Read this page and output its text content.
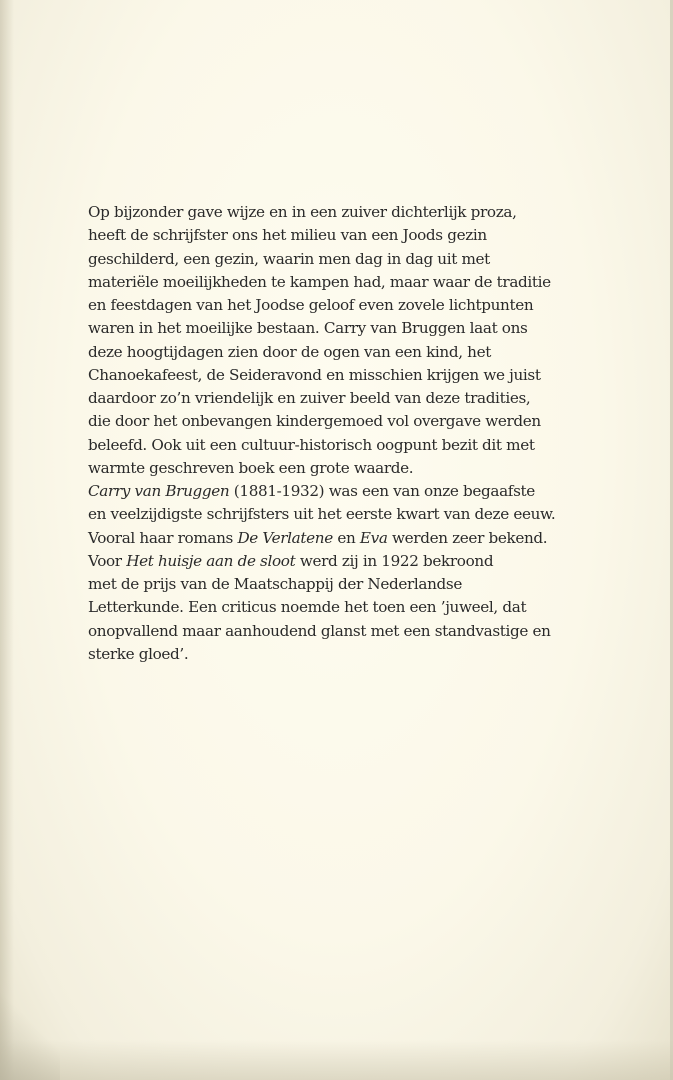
Op bijzonder gave wijze en in een zuiver dichterlijk proza,
heeft de schrijfster ons het milieu van een Joods gezin
geschilderd, een gezin, waarin men dag in dag uit met
materiële moeilijkheden te kampen had, maar waar de traditie
en feestdagen van het Joodse geloof even zovele lichtpunten
waren in het moeilijke bestaan. Carry van Bruggen laat ons
deze hoogtijdagen zien door de ogen van een kind, het
Chanoekafeest, de Seideravond en misschien krijgen we juist
daardoor zo’n vriendelijk en zuiver beeld van deze tradities,
die door het onbevangen kindergemoed vol overgave werden
beleefd. Ook uit een cultuur-historisch oogpunt bezit dit met
warmte geschreven boek een grote waarde.
Carry van Bruggen (1881-1932) was een van onze begaafste
en veelzijdigste schrijfsters uit het eerste kwart van deze eeuw.
Vooral haar romans De Verlatene en Eva werden zeer bekend.
Voor Het huisje aan de sloot werd zij in 1922 bekroond
met de prijs van de Maatschappij der Nederlandse
Letterkunde. Een criticus noemde het toen een ’juweel, dat
onopvallend maar aanhoudend glanst met een standvastige en
sterke gloed’.
